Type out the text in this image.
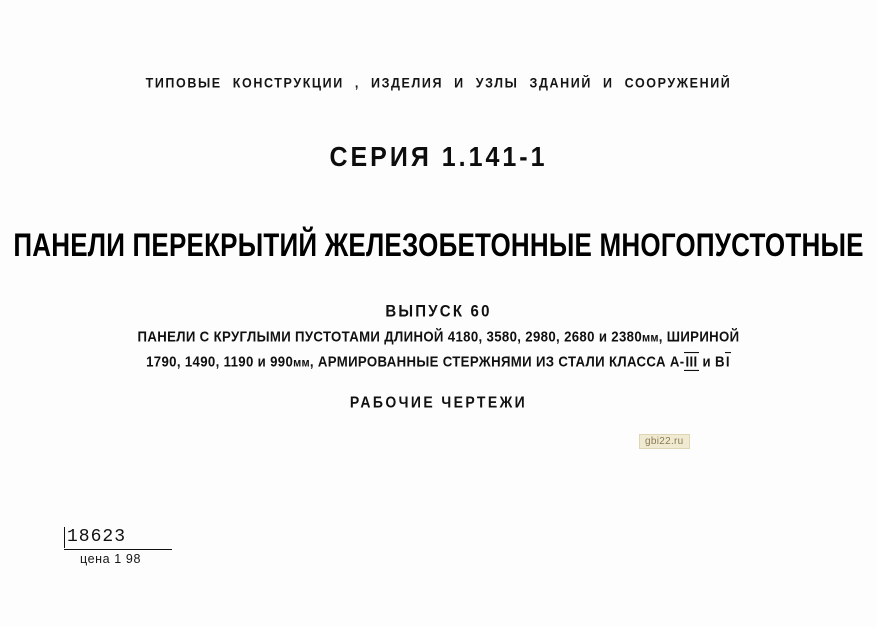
ТИПОВЫЕ КОНСТРУКЦИИ , ИЗДЕЛИЯ И УЗЛЫ ЗДАНИЙ И СООРУЖЕНИЙ
СЕРИЯ 1.141-1
ПАНЕЛИ ПЕРЕКРЫТИЙ ЖЕЛЕЗОБЕТОННЫЕ МНОГОПУСТОТНЫЕ
ВЫПУСК 60
ПАНЕЛИ С КРУГЛЫМИ ПУСТОТАМИ ДЛИНОЙ 4180, 3580, 2980, 2680 и 2380мм, ШИРИНОЙ
1790, 1490, 1190 и 990мм, АРМИРОВАННЫЕ СТЕРЖНЯМИ ИЗ СТАЛИ КЛАССА A-III и ВI
РАБОЧИЕ ЧЕРТЕЖИ
gbi22.ru
18623
цена 1 98
